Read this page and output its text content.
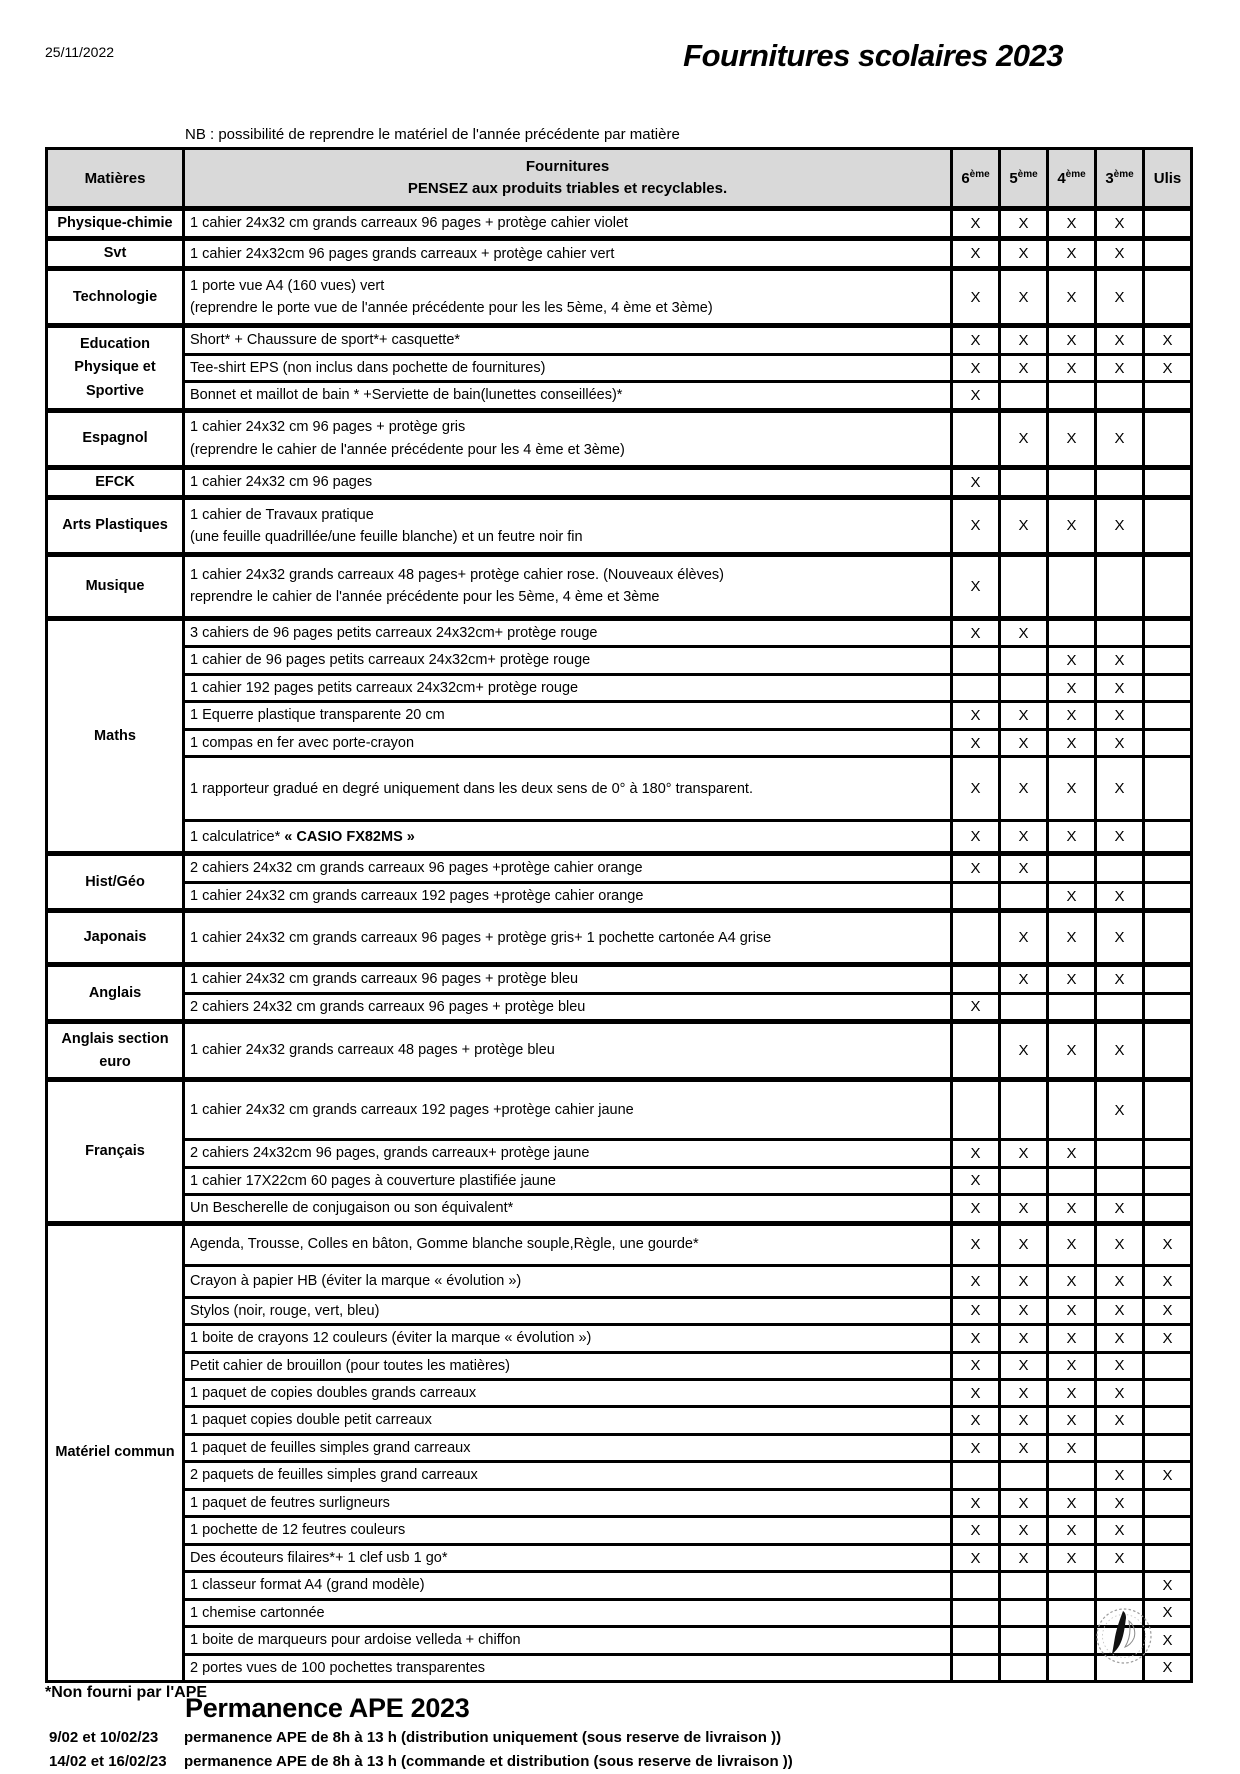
25/11/2022	Fournitures scolaires 2023
NB : possibilité de reprendre le matériel de l'année précédente par matière
Matières	Fournitures
PENSEZ aux produits triables et recyclables.	6ème	5ème	4ème	3ème	Ulis
Physique-chimie	1 cahier 24x32 cm grands carreaux 96 pages + protège cahier violet	X	X	X	X	
Svt	1 cahier 24x32cm 96 pages grands carreaux + protège cahier vert	X	X	X	X	
Technologie	1 porte vue A4 (160 vues) vert
(reprendre le porte vue de l'année précédente pour les les 5ème, 4 ème et 3ème)	X	X	X	X	
Education Physique et Sportive	Short* + Chaussure de sport*+ casquette*	X	X	X	X	X

	Tee-shirt EPS (non inclus dans pochette de fournitures)	X	X	X	X	X

	Bonnet et maillot de bain * +Serviette de bain(lunettes conseillées)*	X				
Espagnol	1 cahier 24x32 cm 96 pages + protège gris
(reprendre le cahier de l'année précédente pour les 4 ème et 3ème)		X	X	X	
EFCK	1 cahier 24x32 cm 96 pages	X				
Arts Plastiques	1 cahier de Travaux pratique
(une feuille quadrillée/une feuille blanche) et un feutre noir fin	X	X	X	X	
Musique	1 cahier 24x32 grands carreaux 48 pages+ protège cahier rose. (Nouveaux élèves)
reprendre le cahier de l'année précédente pour les 5ème, 4 ème et 3ème	X				
Maths	3 cahiers de 96 pages petits carreaux 24x32cm+ protège rouge	X	X			

	1 cahier de 96 pages petits carreaux 24x32cm+ protège rouge			X	X	

	1 cahier 192 pages petits carreaux 24x32cm+ protège rouge			X	X	

	1 Equerre plastique transparente 20 cm	X	X	X	X	

	1 compas en fer avec porte-crayon	X	X	X	X	

	1 rapporteur gradué en degré uniquement dans les deux sens de 0° à 180° transparent.	X	X	X	X	

	1 calculatrice* « CASIO FX82MS »	X	X	X	X	
Hist/Géo	2 cahiers 24x32 cm grands carreaux 96 pages +protège cahier orange	X	X			

	1 cahier 24x32 cm grands carreaux 192 pages +protège cahier orange			X	X	
Japonais	1 cahier 24x32 cm grands carreaux 96 pages + protège gris+ 1 pochette cartonée A4 grise		X	X	X	
Anglais	1 cahier 24x32 cm grands carreaux 96 pages + protège bleu		X	X	X	

	2 cahiers 24x32 cm grands carreaux 96 pages + protège bleu	X				
Anglais section euro	1 cahier 24x32 grands carreaux 48 pages + protège bleu		X	X	X	
Français	1 cahier 24x32 cm grands carreaux 192 pages +protège cahier jaune				X	

	2 cahiers 24x32cm 96 pages, grands carreaux+ protège jaune	X	X	X		

	1 cahier 17X22cm 60 pages à couverture plastifiée jaune	X				

	Un Bescherelle de conjugaison ou son équivalent*	X	X	X	X	
Matériel commun	Agenda, Trousse, Colles en bâton, Gomme blanche souple,Règle, une gourde*	X	X	X	X	X

	Crayon à papier HB (éviter la marque « évolution »)	X	X	X	X	X

	Stylos (noir, rouge, vert, bleu)	X	X	X	X	X

	1 boite de crayons 12 couleurs (éviter la marque « évolution »)	X	X	X	X	X

	Petit cahier de brouillon (pour toutes les matières)	X	X	X	X	

	1 paquet de copies doubles grands carreaux	X	X	X	X	

	1 paquet copies double petit carreaux	X	X	X	X	

	1 paquet de feuilles simples grand carreaux	X	X	X		

	2 paquets de feuilles simples grand carreaux				X	X

	1 paquet de feutres surligneurs	X	X	X	X	

	1 pochette de 12 feutres couleurs	X	X	X	X	

	Des écouteurs filaires*+ 1 clef usb 1 go*	X	X	X	X	

	1 classeur format A4 (grand modèle)					X

	1 chemise cartonnée					X

	1 boite de marqueurs pour ardoise velleda + chiffon					X

	2 portes vues de 100 pochettes transparentes					X
Permanence APE 2023
9/02 et 10/02/23	permanence APE de 8h à 13 h (distribution uniquement (sous reserve de livraison ))
14/02 et 16/02/23	permanence APE de 8h à 13 h (commande et distribution (sous reserve de livraison ))
*Non fourni par l'APE
